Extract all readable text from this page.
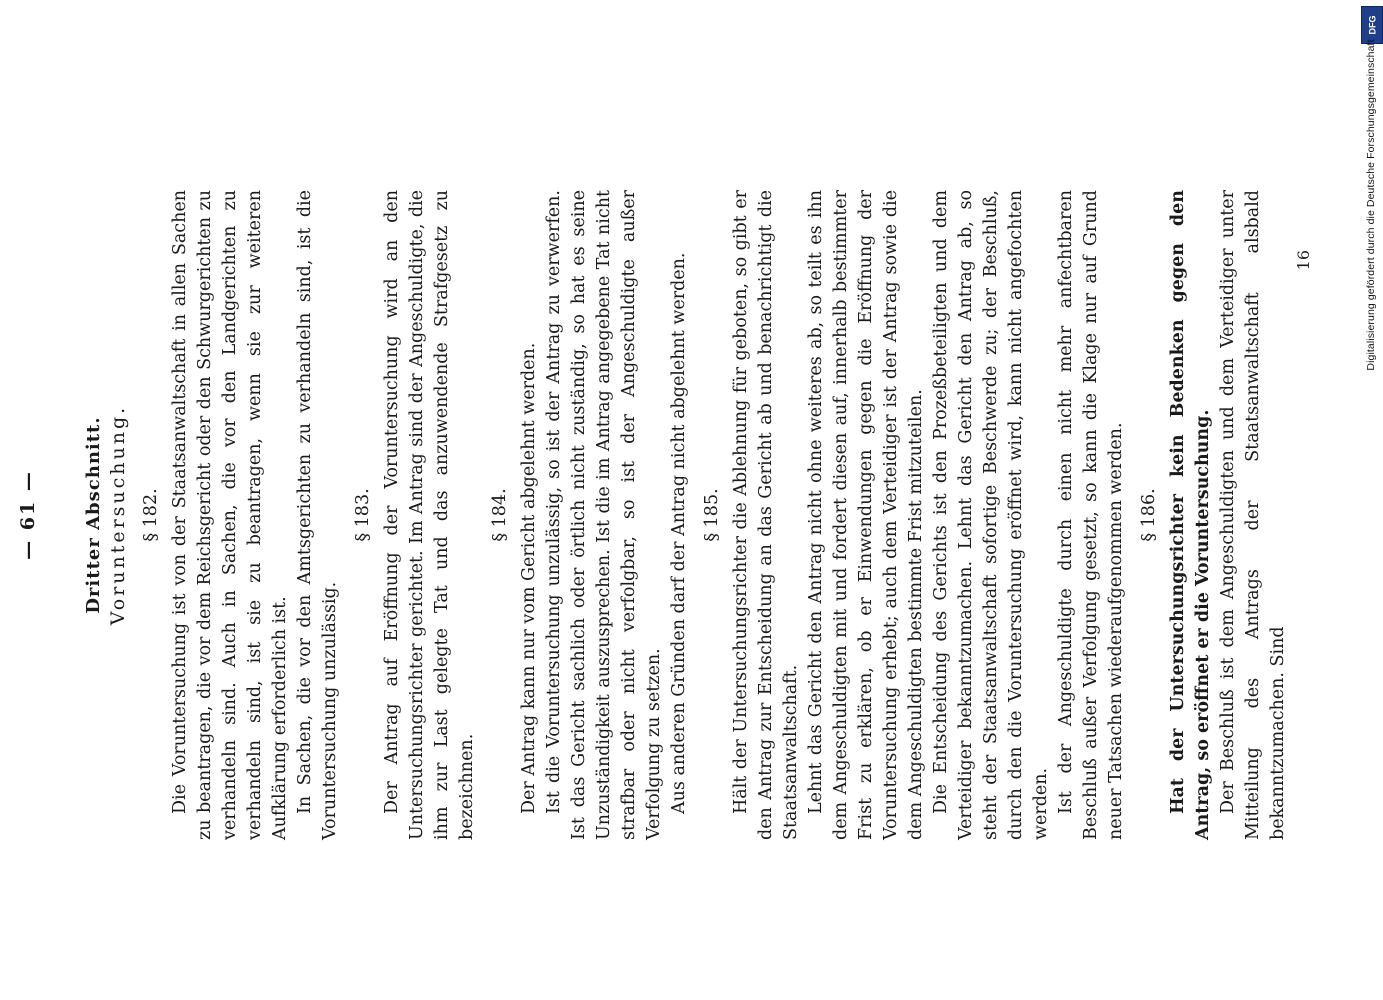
— 61 — Dritter Abschnitt. Voruntersuchung. § 182. Die Voruntersuchung ist von der Staatsanwaltschaft in allen Sachen zu beantragen, die vor dem Reichsgericht oder den Schwurgerichten zu verhandeln sind. Auch in Sachen, die vor den Landgerichten zu verhandeln sind, ist sie zu beantragen, wenn sie zur weiteren Aufklärung erforderlich ist. In Sachen, die vor den Amtsgerichten zu verhandeln sind, ist die Voruntersuchung unzulässig.

§ 183. Der Antrag auf Eröffnung der Voruntersuchung wird an den Untersuchungsrichter gerichtet. Im Antrag sind der Angeschuldigte, die ihm zur Last gelegte Tat und das anzuwendende Strafgesetz zu bezeichnen.

§ 184. Der Antrag kann nur vom Gericht abgelehnt werden. Ist die Voruntersuchung unzulässig, so ist der Antrag zu verwerfen. Ist das Gericht sachlich oder örtlich nicht zuständig, so hat es seine Unzuständigkeit auszusprechen. Ist die im Antrag angegebene Tat nicht strafbar oder nicht verfolgbar, so ist der Angeschuldigte außer Verfolgung zu setzen. Aus anderen Gründen darf der Antrag nicht abgelehnt werden. § 185. Hält der Untersuchungsrichter die Ablehnung für geboten, so gibt er den Antrag zur Entscheidung an das Gericht ab und benachrichtigt die Staatsanwaltschaft. Lehnt das Gericht den Antrag nicht ohne weiteres ab, so teilt es ihn dem Angeschuldigten mit und fordert diesen auf, innerhalb bestimmter Frist zu erklären, ob er Einwendungen gegen die Eröffnung der Voruntersuchung erhebt; auch dem Verteidiger ist der Antrag sowie die dem Angeschuldigten bestimmte Frist mitzuteilen. Die Entscheidung des Gerichts ist den Prozeßbeteiligten und dem Verteidiger bekanntzumachen. Lehnt das Gericht den Antrag ab, so steht der Staatsanwaltschaft sofortige Beschwerde zu; der Beschluß, durch den die Voruntersuchung eröffnet wird, kann nicht angefochten werden. Ist der Angeschuldigte durch einen nicht mehr anfechtbaren Beschluß außer Verfolgung gesetzt, so kann die Klage nur auf Grund neuer Tatsachen wiederaufgenommen werden. § 186. Hat der Untersuchungsrichter kein Bedenken gegen den Antrag, so eröffnet er die Voruntersuchung. Der Beschluß ist dem Angeschuldigten und dem Verteidiger unter Mitteilung des Antrags der Staatsanwaltschaft alsbald bekanntzumachen. Sind

16
DFG
Digitalisierung gefördert durch die Deutsche Forschungsgemeinschaft
